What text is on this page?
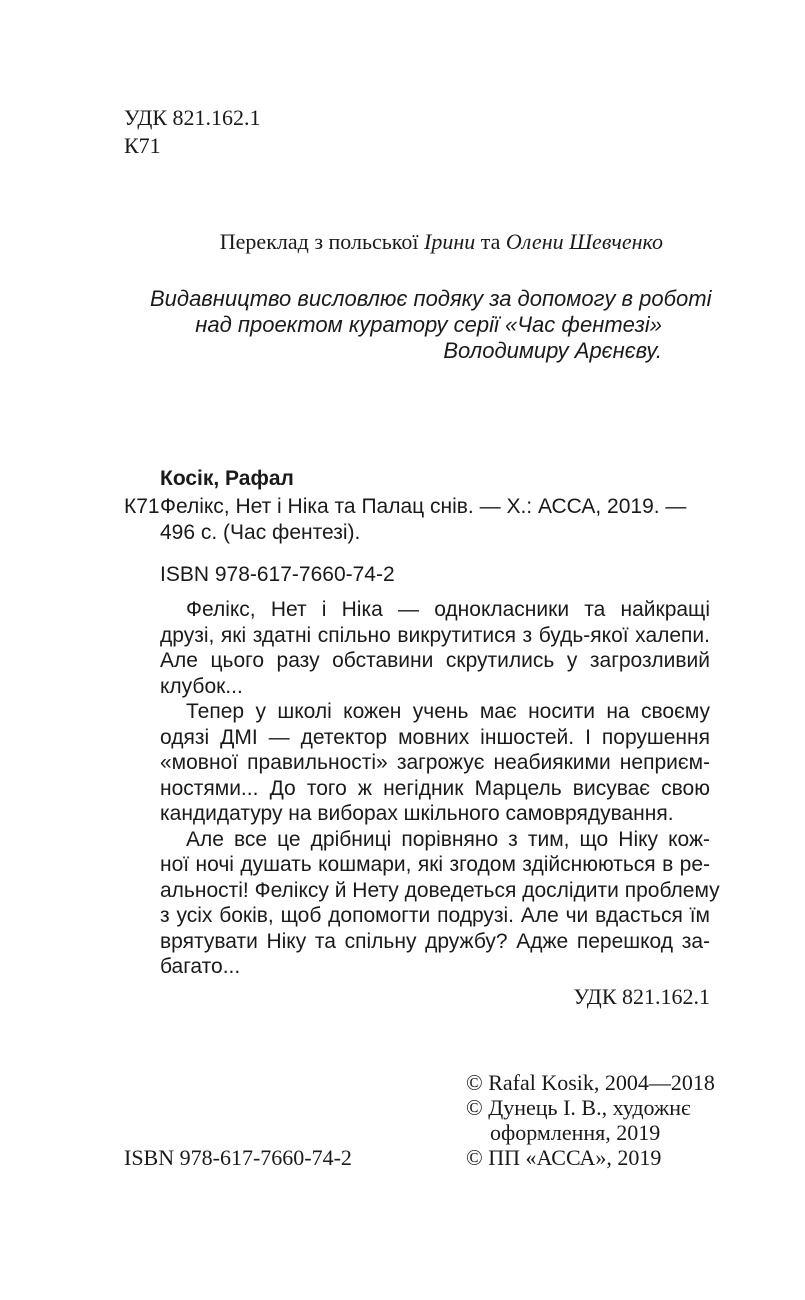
УДК 821.162.1
К71
Переклад з польської Ірини та Олени Шевченко
Видавництво висловлює подяку за допомогу в роботі
над проектом куратору серії «Час фентезі»
Володимиру Арєнєву.
Косік, Рафал
К71 Фелікс, Нет і Ніка та Палац снів. — Х.: АССА, 2019. —
496 с. (Час фентезі).
ISBN 978-617-7660-74-2
Фелікс, Нет і Ніка — однокласники та найкращі
друзі, які здатні спільно викрутитися з будь-якої халепи.
Але цього разу обставини скрутились у загрозливий
клубок...
Тепер у школі кожен учень має носити на своєму
одязі ДМІ — детектор мовних іншостей. І порушення
«мовної правильності» загрожує неабиякими неприєм-
ностями... До того ж негідник Марцель висуває свою
кандидатуру на виборах шкільного самоврядування.
Але все це дрібниці порівняно з тим, що Ніку кож-
ної ночі душать кошмари, які згодом здійснюються в ре-
альності! Феліксу й Нету доведеться дослідити проблему
з усіх боків, щоб допомогти подрузі. Але чи вдасться їм
врятувати Ніку та спільну дружбу? Адже перешкод за-
багато...
УДК 821.162.1
© Rafal Kosik, 2004—2018
© Дунець І. В., художнє
оформлення, 2019
© ПП «АССА», 2019
ISBN 978-617-7660-74-2
